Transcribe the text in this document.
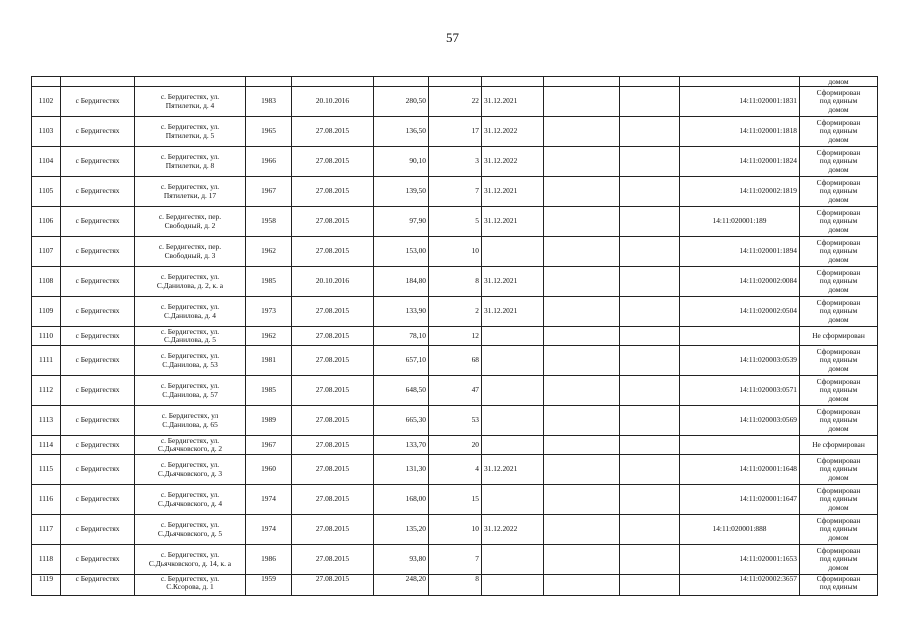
57
											домом
1102	с Бердигестях	с. Бердигестях, ул.
Пятилетки, д. 4	1983	20.10.2016	280,50	22	31.12.2021			14:11:020001:1831	Сформирован
под единым
домом

1103	с Бердигестях	с. Бердигестях, ул.
Пятилетки, д. 5	1965	27.08.2015	136,50	17	31.12.2022			14:11:020001:1818	Сформирован
под единым
домом

1104	с Бердигестях	с. Бердигестях, ул.
Пятилетки, д. 8	1966	27.08.2015	90,10	3	31.12.2022			14:11:020001:1824	Сформирован
под единым
домом

1105	с Бердигестях	с. Бердигестях, ул.
Пятилетки, д. 17	1967	27.08.2015	139,50	7	31.12.2021			14:11:020002:1819	Сформирован
под единым
домом

1106	с Бердигестях	с. Бердигестях, пер.
Свободный, д. 2	1958	27.08.2015	97,90	5	31.12.2021			14:11:020001:189	Сформирован
под единым
домом

1107	с Бердигестях	с. Бердигестях, пер.
Свободный, д. 3	1962	27.08.2015	153,00	10				14:11:020001:1894	Сформирован
под единым
домом

1108	с Бердигестях	с. Бердигестях, ул.
С.Данилова, д. 2, к. а	1985	20.10.2016	184,80	8	31.12.2021			14:11:020002:0084	Сформирован
под единым
домом

1109	с Бердигестях	с. Бердигестях, ул.
С.Данилова, д. 4	1973	27.08.2015	133,90	2	31.12.2021			14:11:020002:0504	Сформирован
под единым
домом

1110	с Бердигестях	с. Бердигестях, ул.
С.Данилова, д. 5	1962	27.08.2015	78,10	12					Не сформирован

1111	с Бердигестях	с. Бердигестях, ул.
С.Данилова, д. 53	1981	27.08.2015	657,10	68				14:11:020003:0539	Сформирован
под единым
домом

1112	с Бердигестях	с. Бердигестях, ул.
С.Данилова, д. 57	1985	27.08.2015	648,50	47				14:11:020003:0571	Сформирован
под единым
домом

1113	с Бердигестях	с. Бердигестях, ул
С.Данилова, д. 65	1989	27.08.2015	665,30	53				14:11:020003:0569	Сформирован
под единым
домом

1114	с Бердигестях	с. Бердигестях, ул.
С.Дьячковского, д. 2	1967	27.08.2015	133,70	20					Не сформирован

1115	с Бердигестях	с. Бердигестях, ул.
С.Дьячковского, д. 3	1960	27.08.2015	131,30	4	31.12.2021			14:11:020001:1648	Сформирован
под единым
домом

1116	с Бердигестях	с. Бердигестях, ул.
С.Дьячковского, д. 4	1974	27.08.2015	168,00	15				14:11:020001:1647	Сформирован
под единым
домом

1117	с Бердигестях	с. Бердигестях, ул.
С.Дьячковского, д. 5	1974	27.08.2015	135,20	10	31.12.2022			14:11:020001:888	Сформирован
под единым
домом

1118	с Бердигестях	с. Бердигестях, ул.
С.Дьячковского, д. 14, к. а	1986	27.08.2015	93,80	7				14:11:020001:1653	Сформирован
под единым
домом

1119	с Бердигестях	с. Бердигестях, ул.
С.Ксорова, д. 1	1959	27.08.2015	248,20	8				14:11:020002:3657	Сформирован
под единым
